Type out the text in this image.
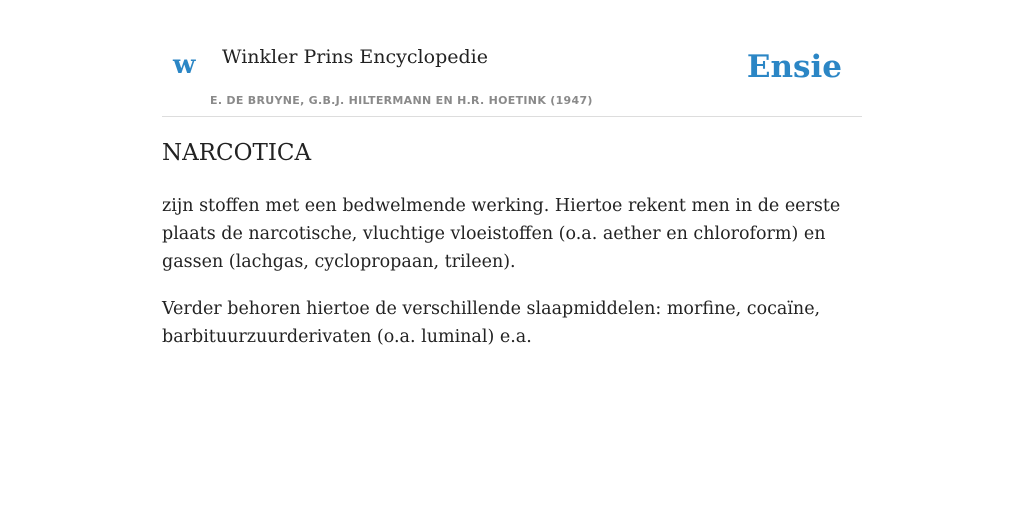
w Winkler Prins Encyclopedie
E. DE BRUYNE, G.B.J. HILTERMANN EN H.R. HOETINK (1947)
Ensie
NARCOTICA

zijn stoffen met een bedwelmende werking. Hiertoe rekent men in de eerste plaats de narcotische, vluchtige vloeistoffen (o.a. aether en chloroform) en gassen (lachgas, cyclopropaan, trileen).

Verder behoren hiertoe de verschillende slaapmiddelen: morfine, cocaïne, barbituurzuurderivaten (o.a. luminal) e.a.
